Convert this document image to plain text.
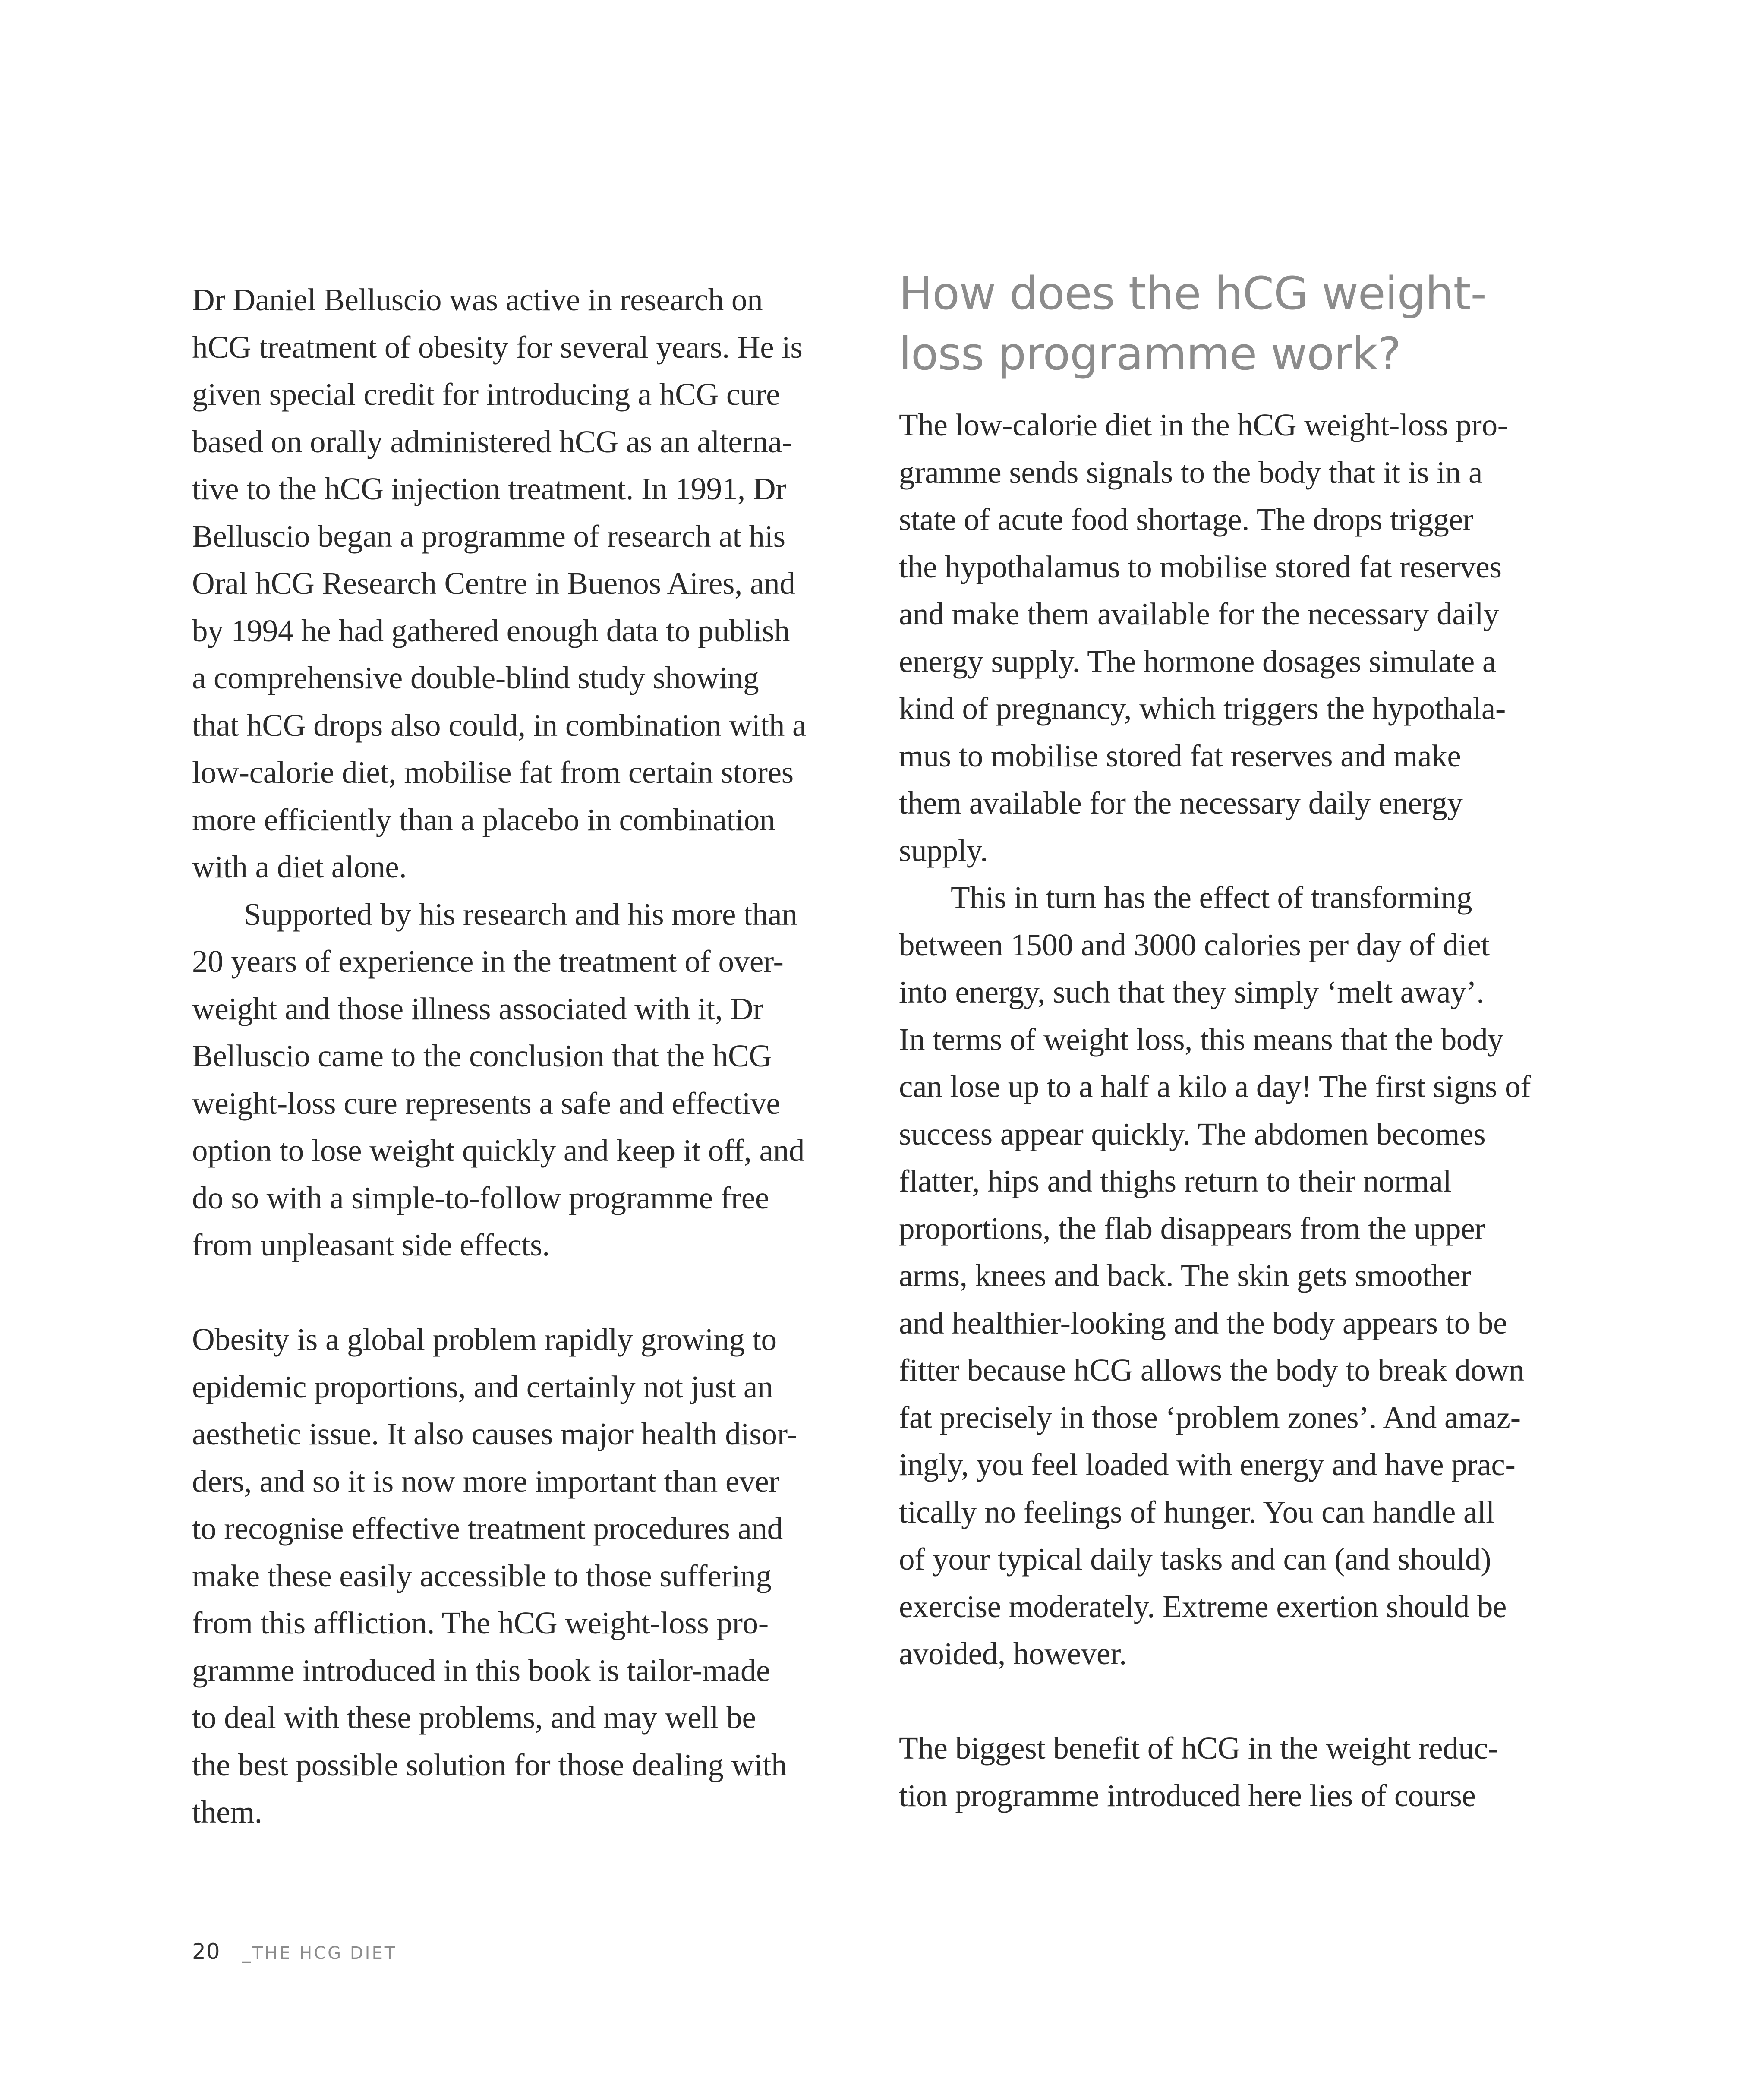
Dr Daniel Belluscio was active in research on
hCG treatment of obesity for several years. He is
given special credit for introducing a hCG cure
based on orally administered hCG as an alterna-
tive to the hCG injection treatment. In 1991, Dr
Belluscio began a programme of research at his
Oral hCG Research Centre in Buenos Aires, and
by 1994 he had gathered enough data to publish
a comprehensive double-blind study showing
that hCG drops also could, in combination with a
low-calorie diet, mobilise fat from certain stores
more efficiently than a placebo in combination
with a diet alone.
Supported by his research and his more than
20 years of experience in the treatment of over-
weight and those illness associated with it, Dr
Belluscio came to the conclusion that the hCG
weight-loss cure represents a safe and effective
option to lose weight quickly and keep it off, and
do so with a simple-to-follow programme free
from unpleasant side effects.
Obesity is a global problem rapidly growing to
epidemic proportions, and certainly not just an
aesthetic issue. It also causes major health disor-
ders, and so it is now more important than ever
to recognise effective treatment procedures and
make these easily accessible to those suffering
from this affliction. The hCG weight-loss pro-
gramme introduced in this book is tailor-made
to deal with these problems, and may well be
the best possible solution for those dealing with
them.
How does the hCG weight-
loss programme work?
The low-calorie diet in the hCG weight-loss pro-
gramme sends signals to the body that it is in a
state of acute food shortage. The drops trigger
the hypothalamus to mobilise stored fat reserves
and make them available for the necessary daily
energy supply. The hormone dosages simulate a
kind of pregnancy, which triggers the hypothala-
mus to mobilise stored fat reserves and make
them available for the necessary daily energy
supply.
This in turn has the effect of transforming
between 1500 and 3000 calories per day of diet
into energy, such that they simply ‘melt away’.
In terms of weight loss, this means that the body
can lose up to a half a kilo a day! The first signs of
success appear quickly. The abdomen becomes
flatter, hips and thighs return to their normal
proportions, the flab disappears from the upper
arms, knees and back. The skin gets smoother
and healthier-looking and the body appears to be
fitter because hCG allows the body to break down
fat precisely in those ‘problem zones’. And amaz-
ingly, you feel loaded with energy and have prac-
tically no feelings of hunger. You can handle all
of your typical daily tasks and can (and should)
exercise moderately. Extreme exertion should be
avoided, however.
The biggest benefit of hCG in the weight reduc-
tion programme introduced here lies of course
20 _THE HCG DIET
